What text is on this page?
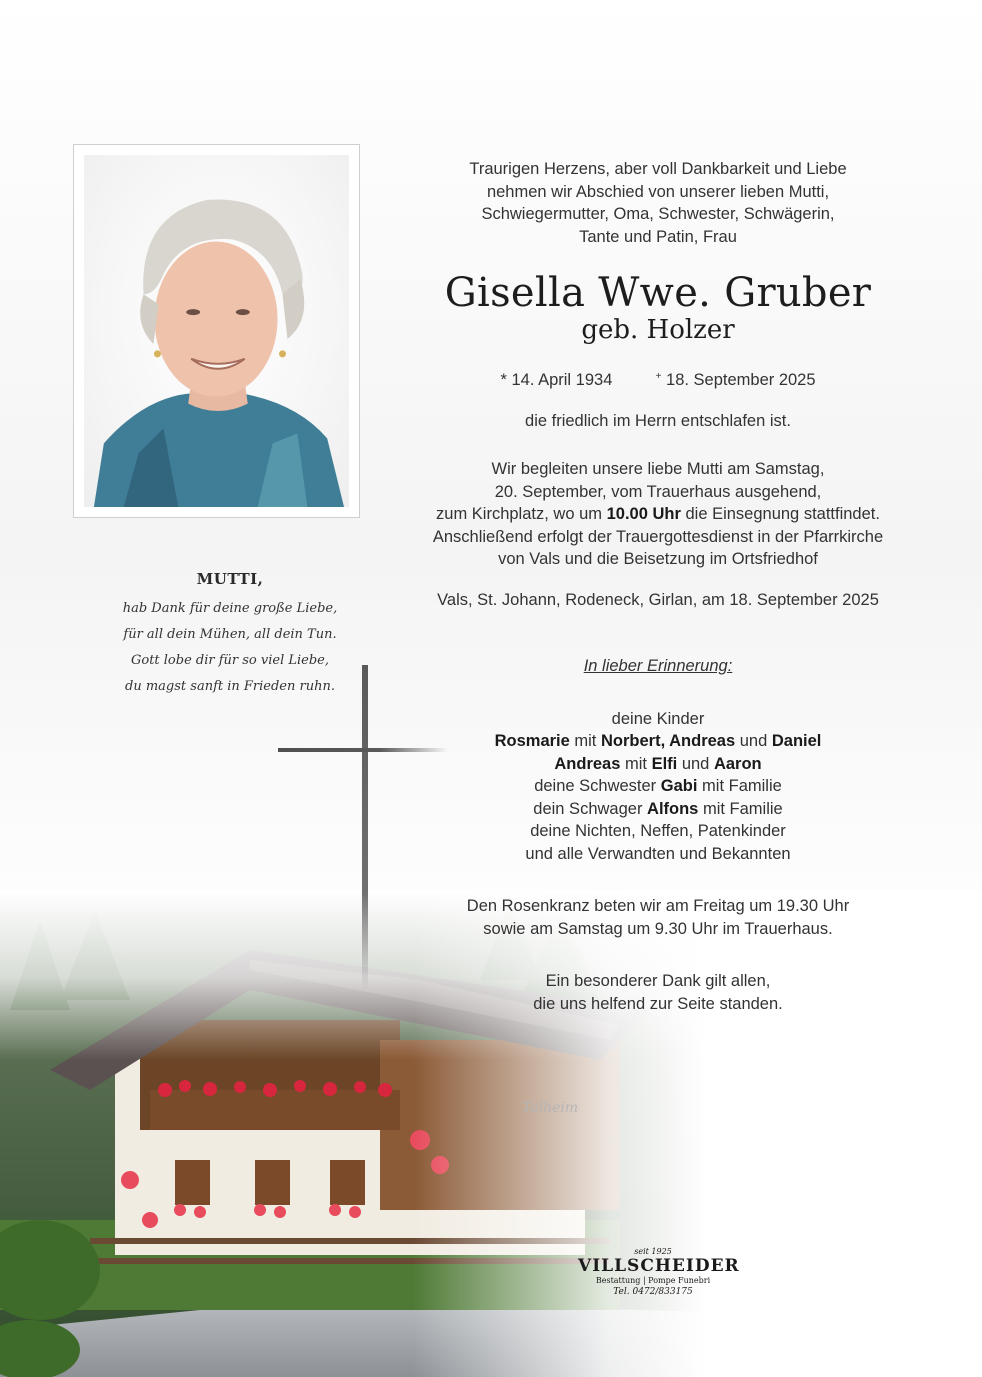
Talheim
MUTTI,
hab Dank für deine große Liebe,
für all dein Mühen, all dein Tun.
Gott lobe dir für so viel Liebe,
du magst sanft in Frieden ruhn.
Traurigen Herzens, aber voll Dankbarkeit und Liebe
nehmen wir Abschied von unserer lieben Mutti,
Schwiegermutter, Oma, Schwester, Schwägerin,
Tante und Patin, Frau
Gisella Wwe. Gruber
geb. Holzer
* 14. April 1934	+ 18. September 2025
die friedlich im Herrn entschlafen ist.
Wir begleiten unsere liebe Mutti am Samstag,
20. September, vom Trauerhaus ausgehend,
zum Kirchplatz, wo um 10.00 Uhr die Einsegnung stattfindet.
Anschließend erfolgt der Trauergottesdienst in der Pfarrkirche
von Vals und die Beisetzung im Ortsfriedhof
Vals, St. Johann, Rodeneck, Girlan, am 18. September 2025
In lieber Erinnerung:
deine Kinder
Rosmarie mit Norbert, Andreas und Daniel
Andreas mit Elfi und Aaron
deine Schwester Gabi mit Familie
dein Schwager Alfons mit Familie
deine Nichten, Neffen, Patenkinder
und alle Verwandten und Bekannten
Den Rosenkranz beten wir am Freitag um 19.30 Uhr
sowie am Samstag um 9.30 Uhr im Trauerhaus.
Ein besonderer Dank gilt allen,
die uns helfend zur Seite standen.
seit 1925
VILLSCHEIDER
Bestattung | Pompe Funebri
Tel. 0472/833175
